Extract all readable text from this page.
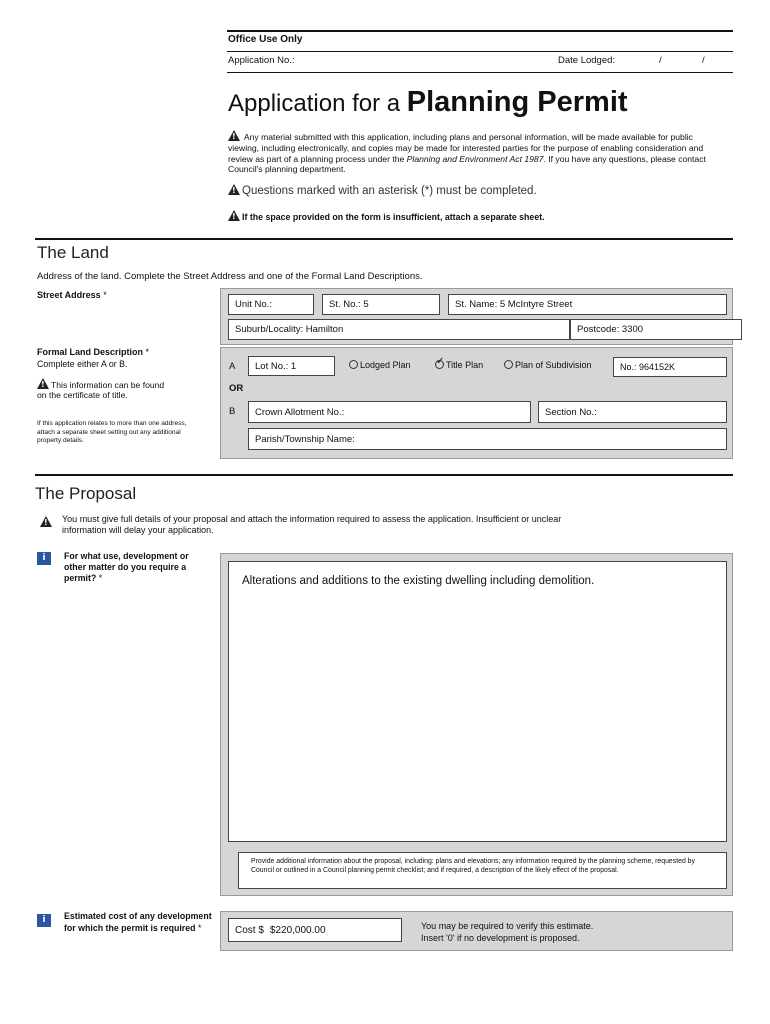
Office Use Only
Application No.:	Date Lodged:	/	/
Application for a Planning Permit
! Any material submitted with this application, including plans and personal information, will be made available for public viewing, including electronically, and copies may be made for interested parties for the purpose of enabling consideration and review as part of a planning process under the Planning and Environment Act 1987. If you have any questions, please contact Council's planning department.
!Questions marked with an asterisk (*) must be completed.
!If the space provided on the form is insufficient, attach a separate sheet.
The Land
Address of the land. Complete the Street Address and one of the Formal Land Descriptions.
Street Address *
Unit No.:	St. No.: 5	St. Name: 5 McIntyre Street
Suburb/Locality: Hamilton	Postcode: 3300
Formal Land Description *
Complete either A or B.
!This information can be found on the certificate of title.
If this application relates to more than one address, attach a separate sheet setting out any additional property details.
A	Lot No.: 1	Lodged Plan	✓ Title Plan	Plan of Subdivision	No.: 964152K
OR
B	Crown Allotment No.:	Section No.:
Parish/Township Name:
The Proposal
!
You must give full details of your proposal and attach the information required to assess the application. Insufficient or unclear information will delay your application.
i	For what use, development or other matter do you require a permit? *	Alterations and additions to the existing dwelling including demolition.
Provide additional information about the proposal, including: plans and elevations; any information required by the planning scheme, requested by Council or outlined in a Council planning permit checklist; and if required, a description of the likely effect of the proposal.
i	Estimated cost of any development for which the permit is required *	Cost $ $220,000.00	You may be required to verify this estimate.
Insert '0' if no development is proposed.
